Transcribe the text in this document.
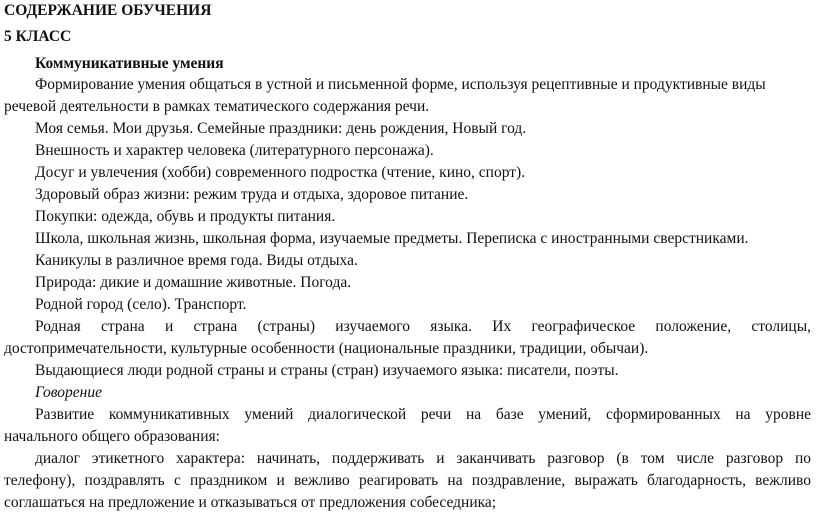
СОДЕРЖАНИЕ ОБУЧЕНИЯ
5 КЛАСС
Коммуникативные умения
Формирование умения общаться в устной и письменной форме, используя рецептивные и продуктивные виды
речевой деятельности в рамках тематического содержания речи.
Моя семья. Мои друзья. Семейные праздники: день рождения, Новый год.
Внешность и характер человека (литературного персонажа).
Досуг и увлечения (хобби) современного подростка (чтение, кино, спорт).
Здоровый образ жизни: режим труда и отдыха, здоровое питание.
Покупки: одежда, обувь и продукты питания.
Школа, школьная жизнь, школьная форма, изучаемые предметы. Переписка с иностранными сверстниками.
Каникулы в различное время года. Виды отдыха.
Природа: дикие и домашние животные. Погода.
Родной город (село). Транспорт.
Родная страна и страна (страны) изучаемого языка. Их географическое положение, столицы,
достопримечательности, культурные особенности (национальные праздники, традиции, обычаи).
Выдающиеся люди родной страны и страны (стран) изучаемого языка: писатели, поэты.
Говорение
Развитие коммуникативных умений диалогической речи на базе умений, сформированных на уровне
начального общего образования:
диалог этикетного характера: начинать, поддерживать и заканчивать разговор (в том числе разговор по
телефону), поздравлять с праздником и вежливо реагировать на поздравление, выражать благодарность, вежливо
соглашаться на предложение и отказываться от предложения собеседника;
